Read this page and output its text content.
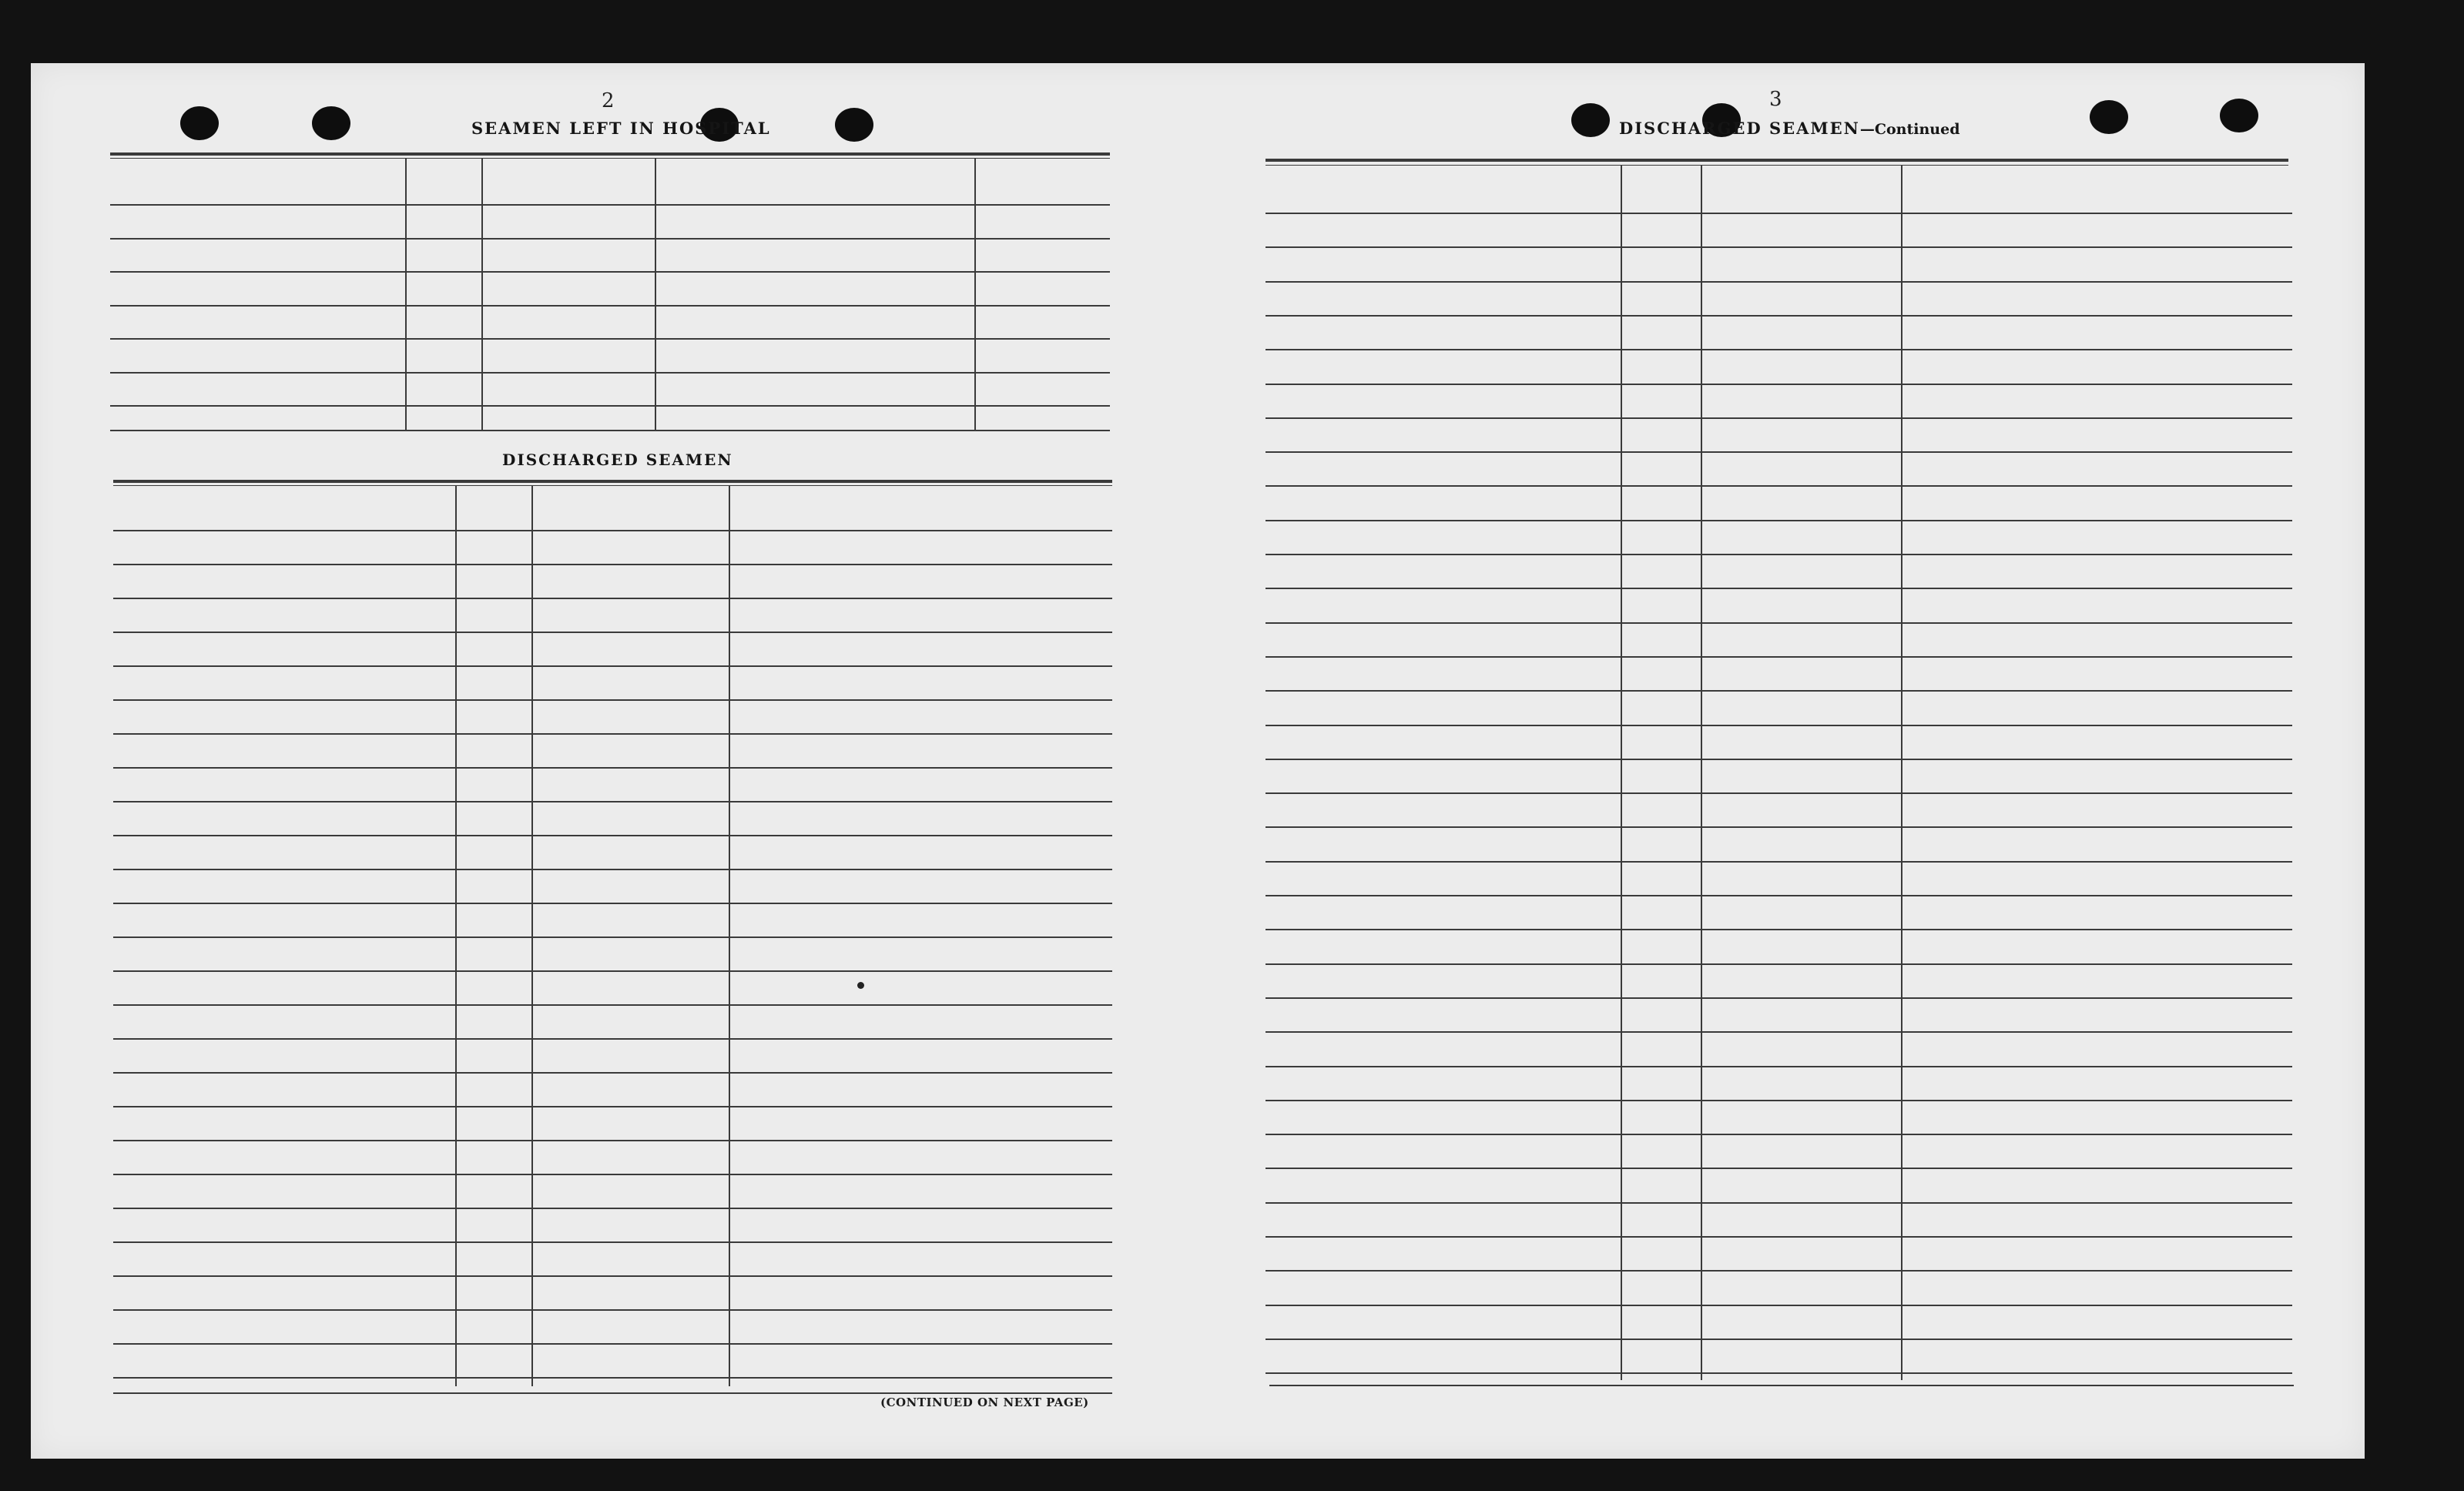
2
SEAMEN LEFT IN HOSPITAL
DISCHARGED SEAMEN
(CONTINUED ON NEXT PAGE)
3
DISCHARGED SEAMEN—Continued
